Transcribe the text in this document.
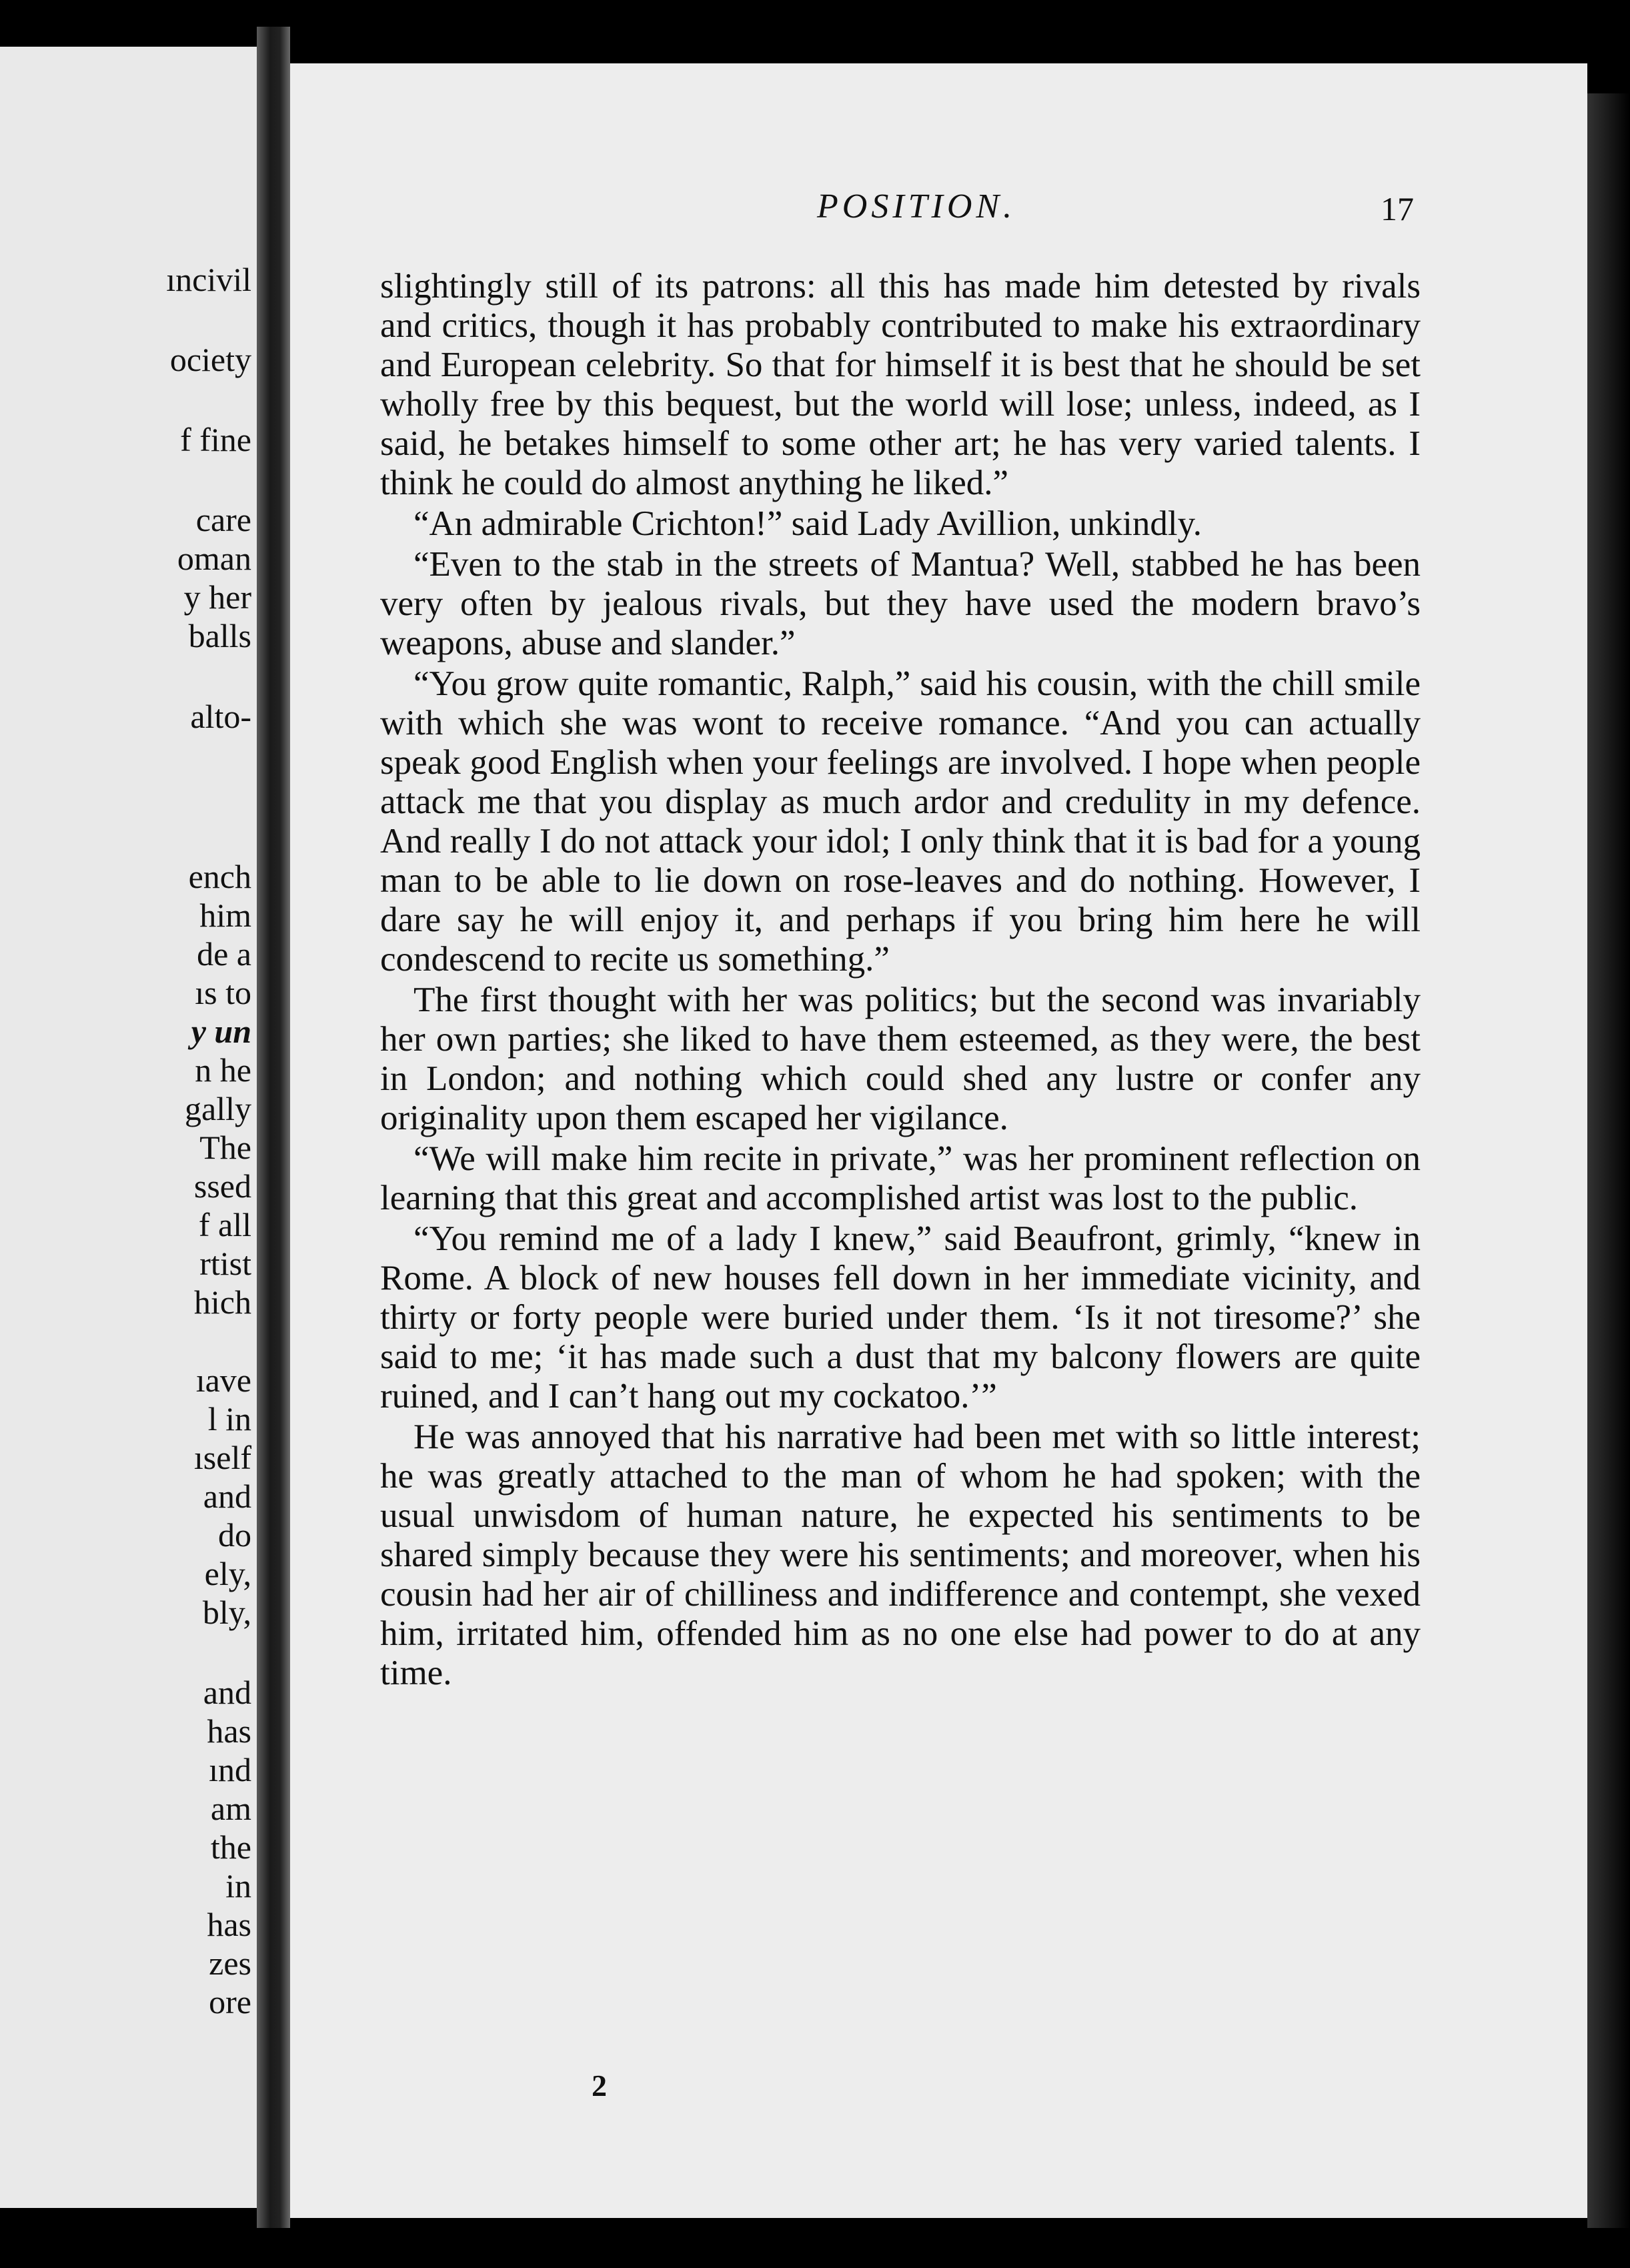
ıncivil
ociety
f fine
care
oman
y her
balls
alto-
ench
him
de a
ıs to
y un
n he
gally
The
ssed
f all
rtist
hich
ıave
l in
ıself
and
do
ely,
bly,
and
has
ınd
am
the
in
has
zes
ore
POSITION.	17

slightingly still of its patrons: all this has made him detested by rivals and critics, though it has probably contributed to make his extraordinary and European celebrity. So that for himself it is best that he should be set wholly free by this bequest, but the world will lose; unless, indeed, as I said, he betakes himself to some other art; he has very varied talents. I think he could do almost anything he liked.”

“An admirable Crichton!” said Lady Avillion, unkindly.

“Even to the stab in the streets of Mantua? Well, stabbed he has been very often by jealous rivals, but they have used the modern bravo’s weapons, abuse and slander.”

“You grow quite romantic, Ralph,” said his cousin, with the chill smile with which she was wont to receive romance. “And you can actually speak good English when your feelings are involved. I hope when people attack me that you display as much ardor and credulity in my defence. And really I do not attack your idol; I only think that it is bad for a young man to be able to lie down on rose-leaves and do nothing. However, I dare say he will enjoy it, and perhaps if you bring him here he will condescend to recite us something.”

The first thought with her was politics; but the second was invariably her own parties; she liked to have them esteemed, as they were, the best in London; and nothing which could shed any lustre or confer any originality upon them escaped her vigilance.

“We will make him recite in private,” was her prominent reflection on learning that this great and accomplished artist was lost to the public.

“You remind me of a lady I knew,” said Beaufront, grimly, “knew in Rome. A block of new houses fell down in her immediate vicinity, and thirty or forty people were buried under them. ‘Is it not tiresome?’ she said to me; ‘it has made such a dust that my balcony flowers are quite ruined, and I can’t hang out my cockatoo.’”

He was annoyed that his narrative had been met with so little interest; he was greatly attached to the man of whom he had spoken; with the usual unwisdom of human nature, he expected his sentiments to be shared simply because they were his sentiments; and moreover, when his cousin had her air of chilliness and indifference and contempt, she vexed him, irritated him, offended him as no one else had power to do at any time.

2
